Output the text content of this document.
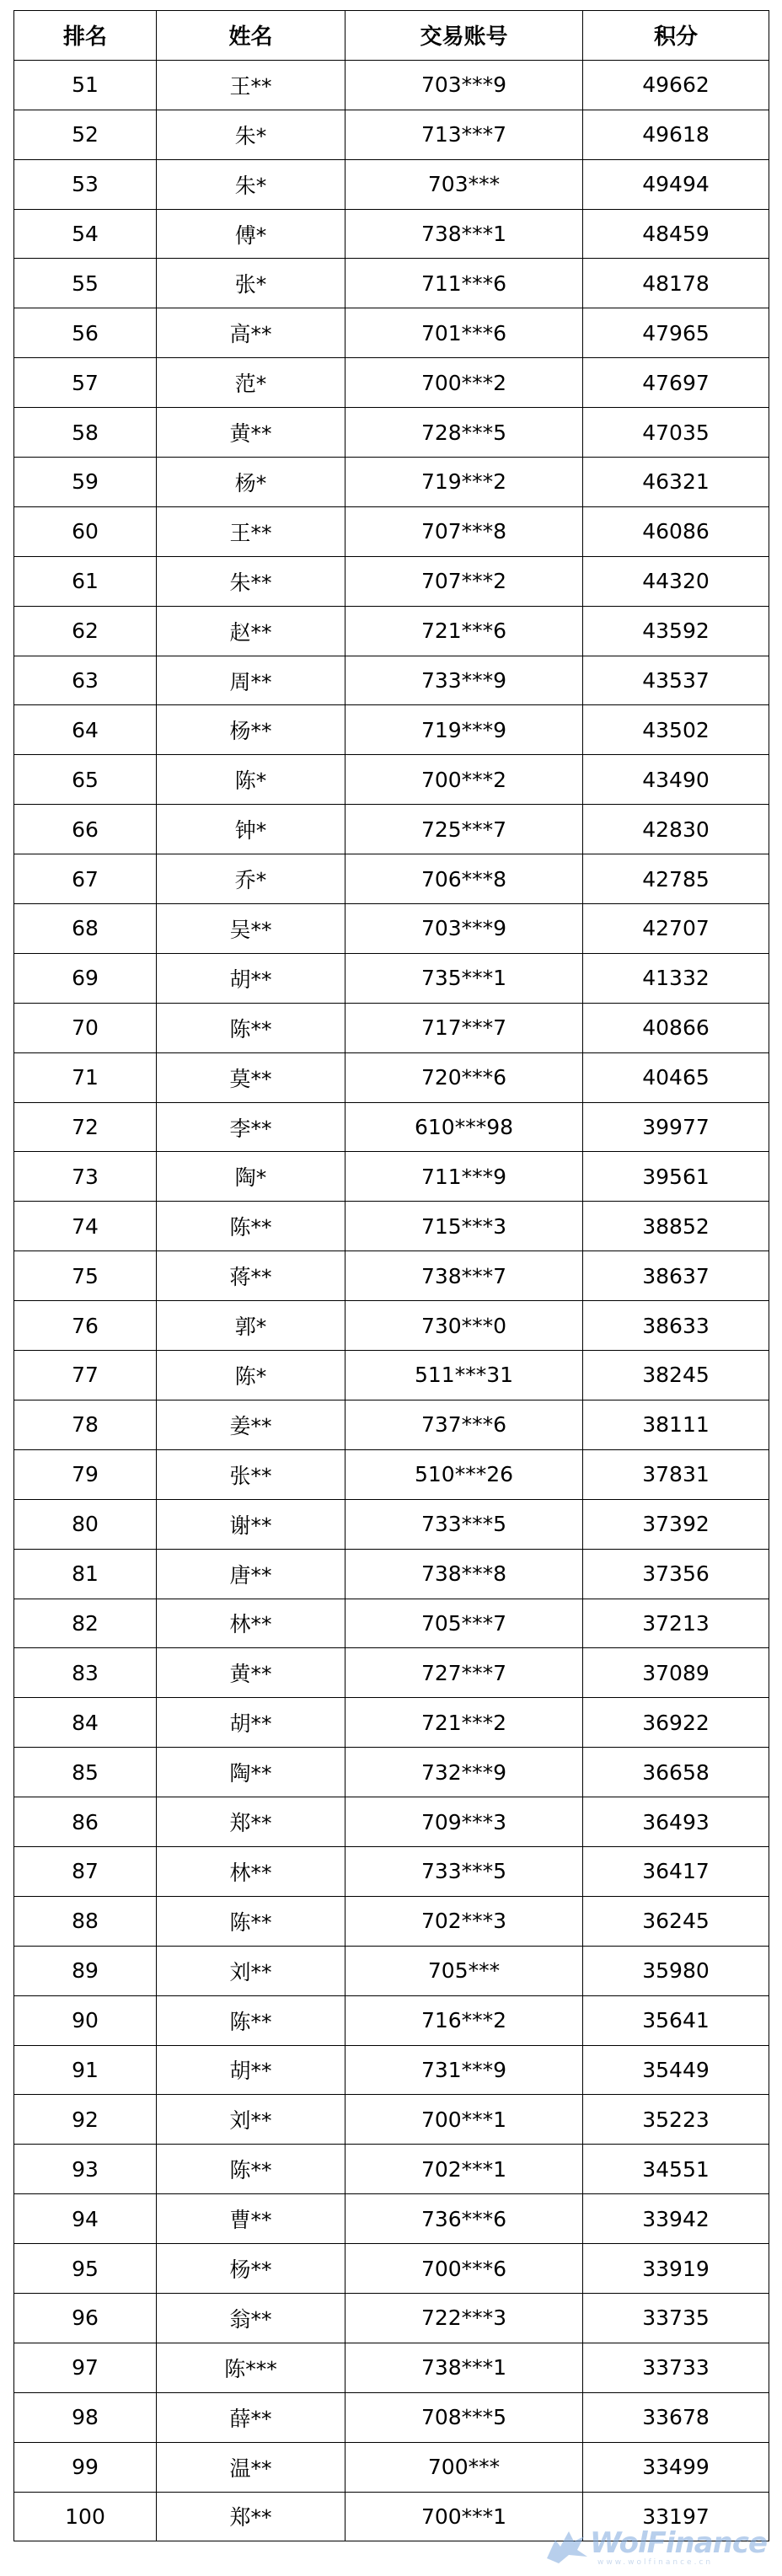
排名	姓名	交易账号	积分
51	王**	703***9	49662
52	朱*	713***7	49618
53	朱*	703***	49494
54	傅*	738***1	48459
55	张*	711***6	48178
56	高**	701***6	47965
57	范*	700***2	47697
58	黄**	728***5	47035
59	杨*	719***2	46321
60	王**	707***8	46086
61	朱**	707***2	44320
62	赵**	721***6	43592
63	周**	733***9	43537
64	杨**	719***9	43502
65	陈*	700***2	43490
66	钟*	725***7	42830
67	乔*	706***8	42785
68	吴**	703***9	42707
69	胡**	735***1	41332
70	陈**	717***7	40866
71	莫**	720***6	40465
72	李**	610***98	39977
73	陶*	711***9	39561
74	陈**	715***3	38852
75	蒋**	738***7	38637
76	郭*	730***0	38633
77	陈*	511***31	38245
78	姜**	737***6	38111
79	张**	510***26	37831
80	谢**	733***5	37392
81	唐**	738***8	37356
82	林**	705***7	37213
83	黄**	727***7	37089
84	胡**	721***2	36922
85	陶**	732***9	36658
86	郑**	709***3	36493
87	林**	733***5	36417
88	陈**	702***3	36245
89	刘**	705***	35980
90	陈**	716***2	35641
91	胡**	731***9	35449
92	刘**	700***1	35223
93	陈**	702***1	34551
94	曹**	736***6	33942
95	杨**	700***6	33919
96	翁**	722***3	33735
97	陈***	738***1	33733
98	薛**	708***5	33678
99	温**	700***	33499
100	郑**	700***1	33197
WolFinance
www.wolfinance.cn
